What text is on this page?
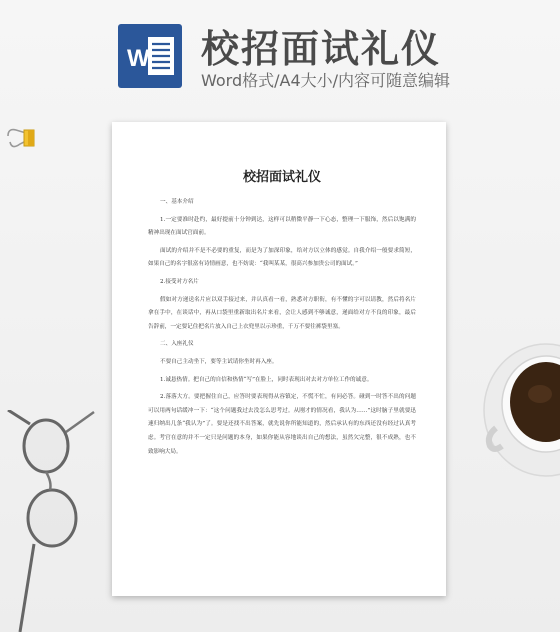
W 校招面试礼仪
Word格式/A4大小/内容可随意编辑
校招面试礼仪

一、基本介绍

1.一定要准时赴约，最好提前十分钟到达，这样可以稍微平静一下心态，整理一下服饰，然后以饱满的精神出现在面试官面前。

面试的介绍并不是不必要的重复，而是为了加深印象，给对方以立体的感觉。自我介绍一般要求简短，如果自己的名字很富有诗情画意，也不妨说：“我叫某某，很高兴参加贵公司的面试。”

2.接受对方名片

假如对方递送名片应以双手接过来，并认真看一看，熟悉对方职衔，有不懂的字可以请教，然后将名片拿在手中，在谈话中，再从口袋里重新取出名片来看，会让人感到不够诚意，递面给对方不良的印象，最后告辞前，一定要记住把名片放入自己上衣兜里以示珍重，千万不要往裤袋里塞。

二、入座礼仪

不要自己主动坐下，要等主试请你坐时再入座。

1.诚恳热情。把自己的自信和热情“写”在脸上，同时表现出对去对方单位工作的诚意。

2.落落大方。要把握住自己，应答时要表现得从容镇定，不慌不忙，有问必答。碰到一时答不出的问题可以用两句话缓冲一下：“这个问题我过去没怎么思考过。从刚才的情况看，我认为……”这时脑子里就要迅速归纳出几条“我认为”了。要是还找不出答案，就先说你所能知道的，然后承认有的东西还没有经过认真考虑。考官在意的并不一定只是问题的本身，如果你能从容地谈出自己的想法，虽然欠完整，很不成熟，也不致影响大局。
